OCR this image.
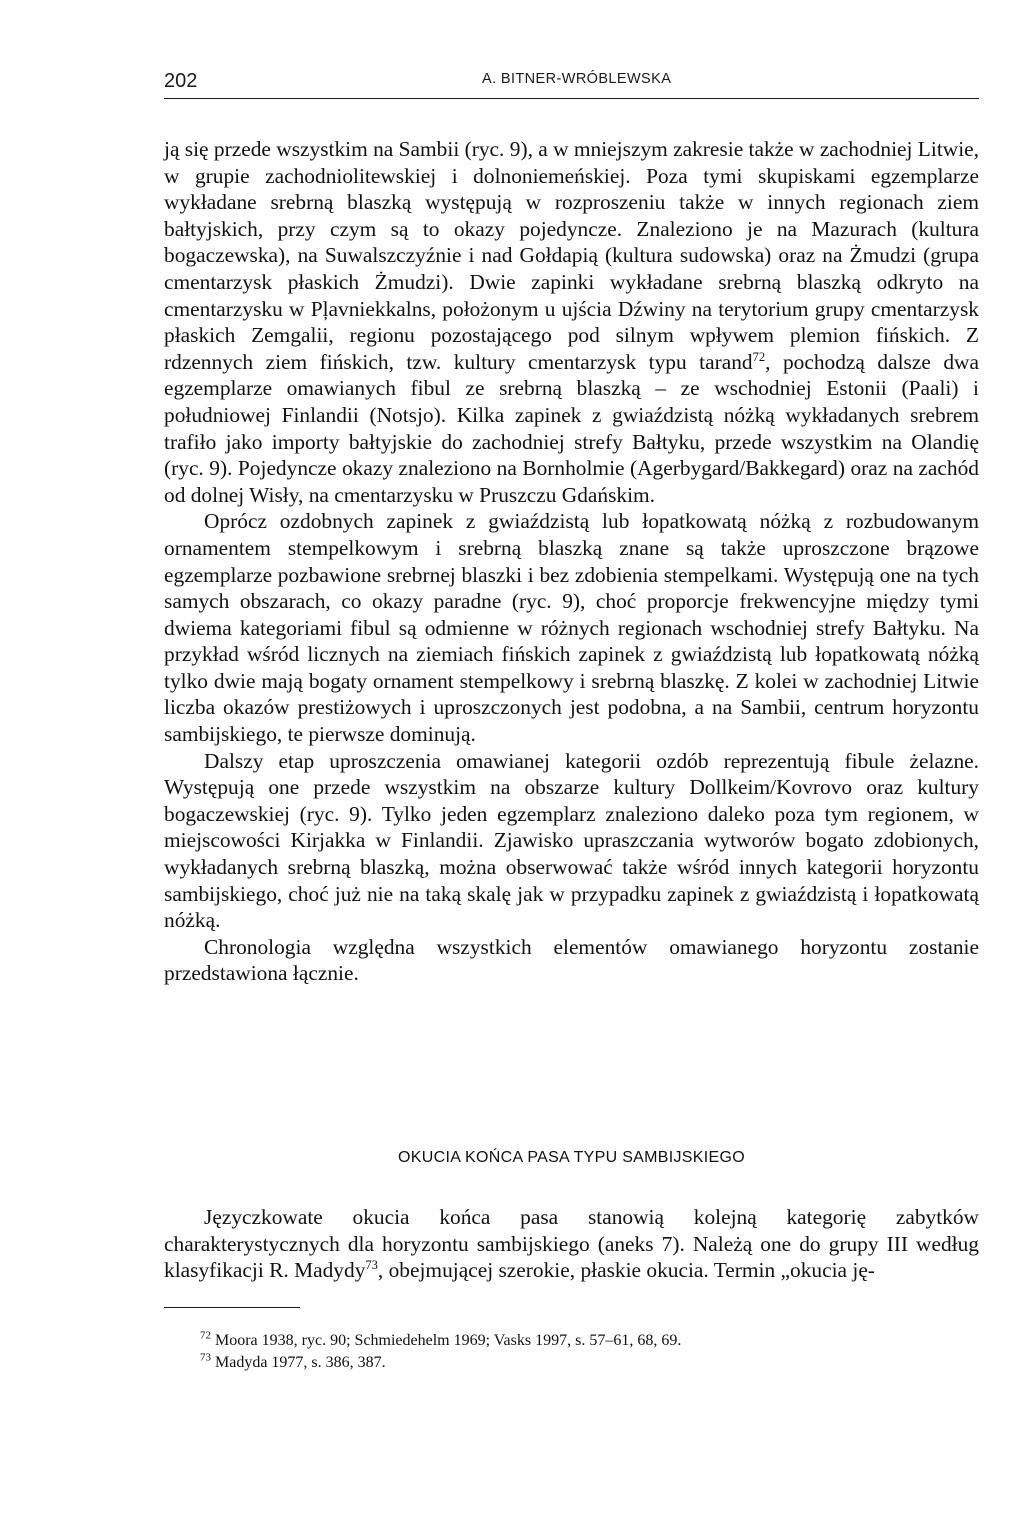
202	A. BITNER-WRÓBLEWSKA

ją się przede wszystkim na Sambii (ryc. 9), a w mniejszym zakresie także w zachodniej Litwie, w grupie zachodniolitewskiej i dolnoniemeńskiej. Poza tymi skupiskami egzemplarze wykładane srebrną blaszką występują w rozproszeniu także w innych regionach ziem bałtyjskich, przy czym są to okazy pojedyncze. Znaleziono je na Mazurach (kultura bogaczewska), na Suwalszczyźnie i nad Gołdapią (kultura sudowska) oraz na Żmudzi (grupa cmentarzysk płaskich Żmudzi). Dwie zapinki wykładane srebrną blaszką odkryto na cmentarzysku w Pļavniekkalns, położonym u ujścia Dźwiny na terytorium grupy cmentarzysk płaskich Zemgalii, regionu pozostającego pod silnym wpływem plemion fińskich. Z rdzennych ziem fińskich, tzw. kultury cmentarzysk typu tarand$^{72}$, pochodzą dalsze dwa egzemplarze omawianych fibul ze srebrną blaszką – ze wschodniej Estonii (Paali) i południowej Finlandii (Notsjo). Kilka zapinek z gwiaździstą nóżką wykładanych srebrem trafiło jako importy bałtyjskie do zachodniej strefy Bałtyku, przede wszystkim na Olandię (ryc. 9). Pojedyncze okazy znaleziono na Bornholmie (Agerbygard/Bakkegard) oraz na zachód od dolnej Wisły, na cmentarzysku w Pruszczu Gdańskim.

Oprócz ozdobnych zapinek z gwiaździstą lub łopatkowatą nóżką z rozbudowanym ornamentem stempelkowym i srebrną blaszką znane są także uproszczone brązowe egzemplarze pozbawione srebrnej blaszki i bez zdobienia stempelkami. Występują one na tych samych obszarach, co okazy paradne (ryc. 9), choć proporcje frekwencyjne między tymi dwiema kategoriami fibul są odmienne w różnych regionach wschodniej strefy Bałtyku. Na przykład wśród licznych na ziemiach fińskich zapinek z gwiaździstą lub łopatkowatą nóżką tylko dwie mają bogaty ornament stempelkowy i srebrną blaszkę. Z kolei w zachodniej Litwie liczba okazów prestiżowych i uproszczonych jest podobna, a na Sambii, centrum horyzontu sambijskiego, te pierwsze dominują.

Dalszy etap uproszczenia omawianej kategorii ozdób reprezentują fibule żelazne. Występują one przede wszystkim na obszarze kultury Dollkeim/Kovrovo oraz kultury bogaczewskiej (ryc. 9). Tylko jeden egzemplarz znaleziono daleko poza tym regionem, w miejscowości Kirjakka w Finlandii. Zjawisko upraszczania wytworów bogato zdobionych, wykładanych srebrną blaszką, można obserwować także wśród innych kategorii horyzontu sambijskiego, choć już nie na taką skalę jak w przypadku zapinek z gwiaździstą i łopatkowatą nóżką.

Chronologia względna wszystkich elementów omawianego horyzontu zostanie przedstawiona łącznie.

OKUCIA KOŃCA PASA TYPU SAMBIJSKIEGO

Języczkowate okucia końca pasa stanowią kolejną kategorię zabytków charakterystycznych dla horyzontu sambijskiego (aneks 7). Należą one do grupy III według klasyfikacji R. Madydy$^{73}$, obejmującej szerokie, płaskie okucia. Termin „okucia ję-

$^{72}$ Moora 1938, ryc. 90; Schmiedehelm 1969; Vasks 1997, s. 57–61, 68, 69.
$^{73}$ Madyda 1977, s. 386, 387.
